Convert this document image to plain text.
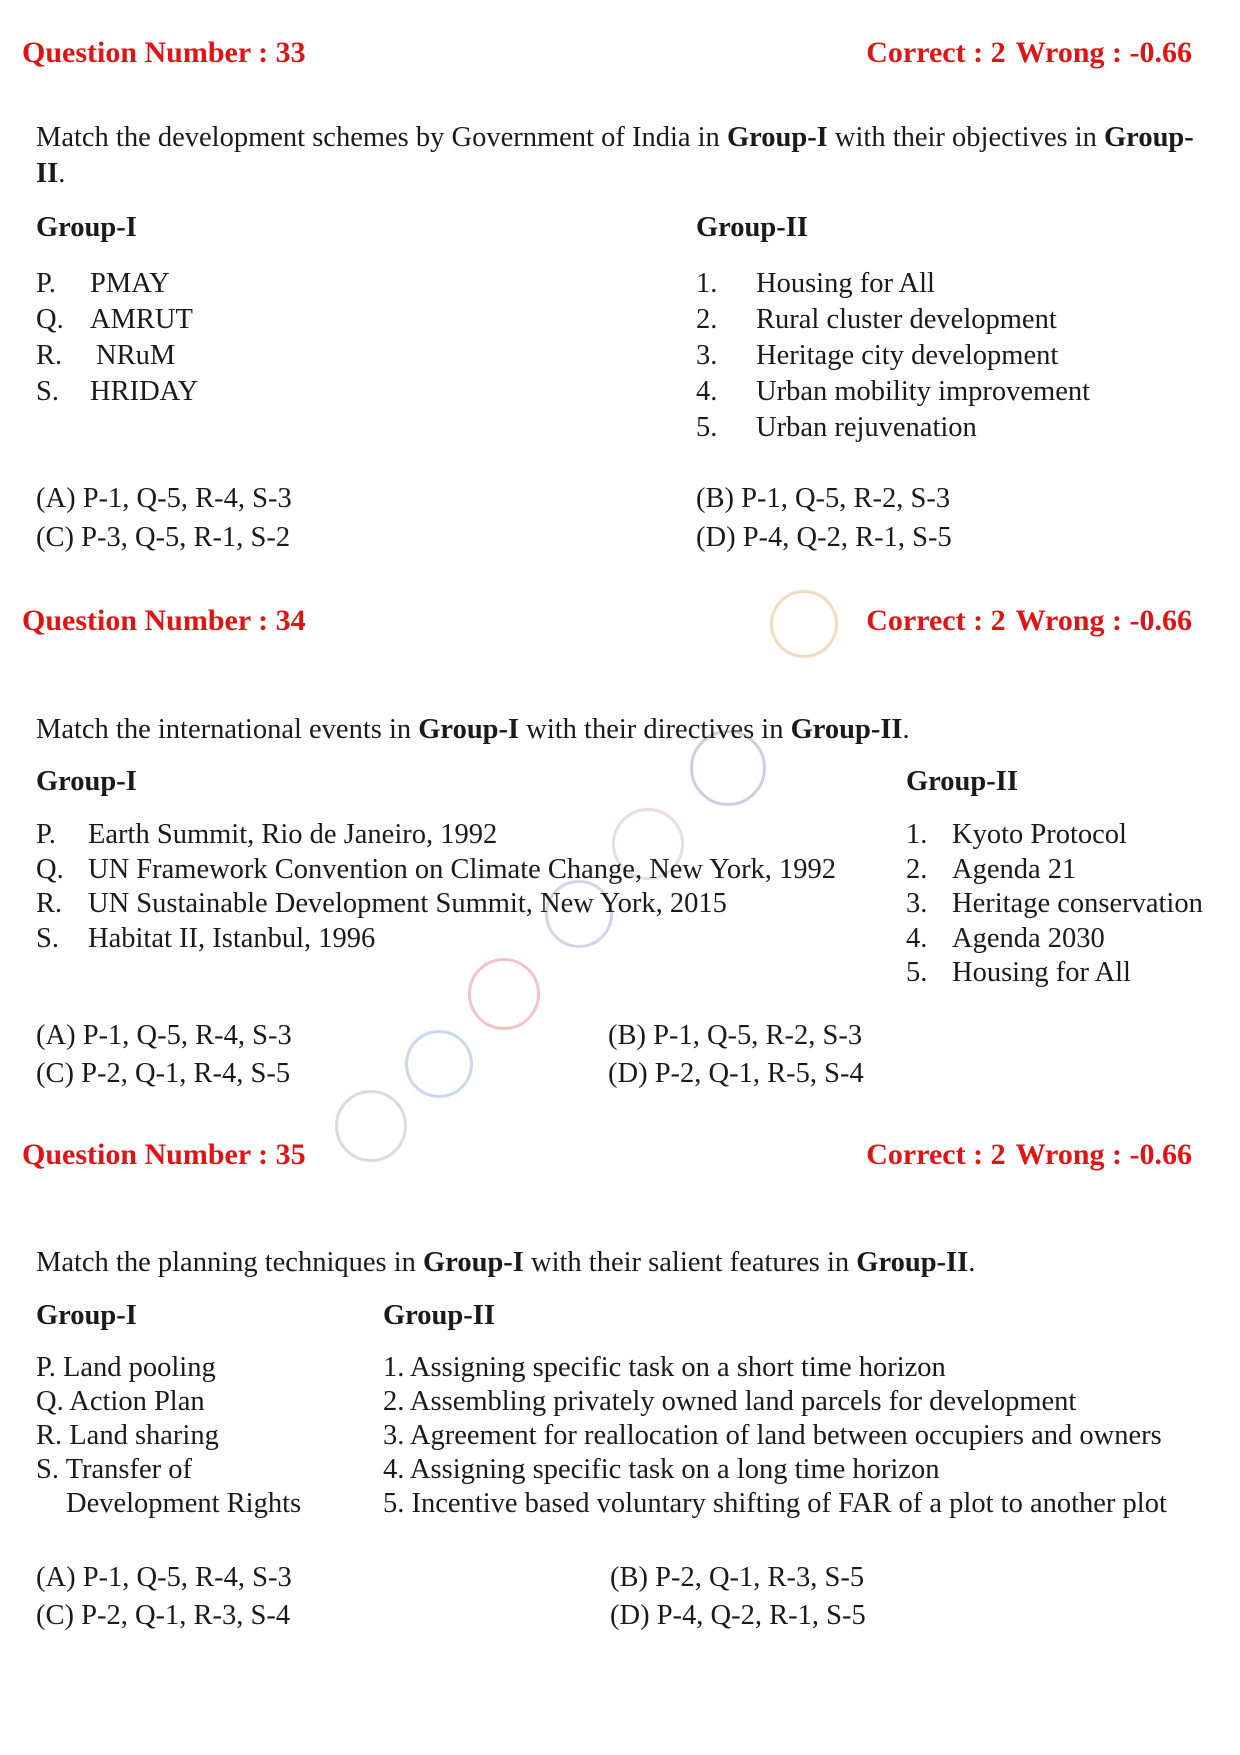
Question Number : 33	Correct : 2 Wrong : -0.66
Match the development schemes by Government of India in Group-I with their objectives in Group-II.
Group-I	Group-II
P. PMAY
Q. AMRUT
R. NRuM
S. HRIDAY
1. Housing for All
2. Rural cluster development
3. Heritage city development
4. Urban mobility improvement
5. Urban rejuvenation
(A) P-1, Q-5, R-4, S-3	(B) P-1, Q-5, R-2, S-3
(C) P-3, Q-5, R-1, S-2	(D) P-4, Q-2, R-1, S-5
Question Number : 34	Correct : 2 Wrong : -0.66
Match the international events in Group-I with their directives in Group-II.
Group-I	Group-II
P. Earth Summit, Rio de Janeiro, 1992
Q. UN Framework Convention on Climate Change, New York, 1992
R. UN Sustainable Development Summit, New York, 2015
S. Habitat II, Istanbul, 1996
1. Kyoto Protocol
2. Agenda 21
3. Heritage conservation
4. Agenda 2030
5. Housing for All
(A) P-1, Q-5, R-4, S-3	(B) P-1, Q-5, R-2, S-3
(C) P-2, Q-1, R-4, S-5	(D) P-2, Q-1, R-5, S-4
Question Number : 35	Correct : 2 Wrong : -0.66
Match the planning techniques in Group-I with their salient features in Group-II.
Group-I	Group-II
P. Land pooling
Q. Action Plan
R. Land sharing
S. Transfer of
Development Rights
1. Assigning specific task on a short time horizon
2. Assembling privately owned land parcels for development
3. Agreement for reallocation of land between occupiers and owners
4. Assigning specific task on a long time horizon
5. Incentive based voluntary shifting of FAR of a plot to another plot
(A) P-1, Q-5, R-4, S-3	(B) P-2, Q-1, R-3, S-5
(C) P-2, Q-1, R-3, S-4	(D) P-4, Q-2, R-1, S-5
